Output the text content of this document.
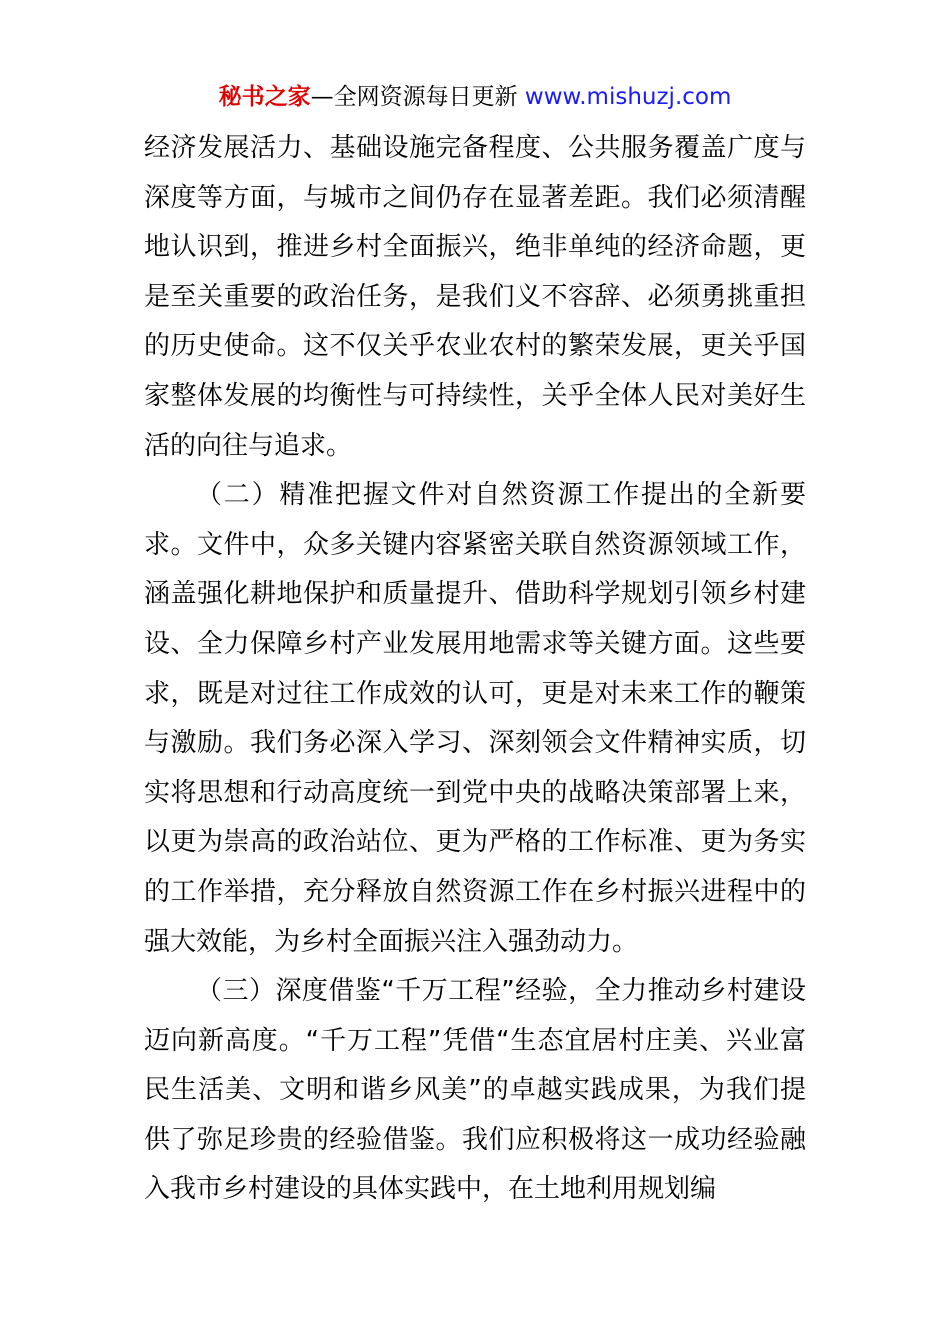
秘书之家—全网资源每日更新 www.mishuzj.com

经济发展活力、基础设施完备程度、公共服务覆盖广度与深度等方面，与城市之间仍存在显著差距。我们必须清醒地认识到，推进乡村全面振兴，绝非单纯的经济命题，更是至关重要的政治任务，是我们义不容辞、必须勇挑重担的历史使命。这不仅关乎农业农村的繁荣发展，更关乎国家整体发展的均衡性与可持续性，关乎全体人民对美好生活的向往与追求。

（二）精准把握文件对自然资源工作提出的全新要求。文件中，众多关键内容紧密关联自然资源领域工作，涵盖强化耕地保护和质量提升、借助科学规划引领乡村建设、全力保障乡村产业发展用地需求等关键方面。这些要求，既是对过往工作成效的认可，更是对未来工作的鞭策与激励。我们务必深入学习、深刻领会文件精神实质，切实将思想和行动高度统一到党中央的战略决策部署上来，以更为崇高的政治站位、更为严格的工作标准、更为务实的工作举措，充分释放自然资源工作在乡村振兴进程中的强大效能，为乡村全面振兴注入强劲动力。

（三）深度借鉴“千万工程”经验，全力推动乡村建设迈向新高度。“千万工程”凭借“生态宜居村庄美、兴业富民生活美、文明和谐乡风美”的卓越实践成果，为我们提供了弥足珍贵的经验借鉴。我们应积极将这一成功经验融入我市乡村建设的具体实践中，在土地利用规划编
